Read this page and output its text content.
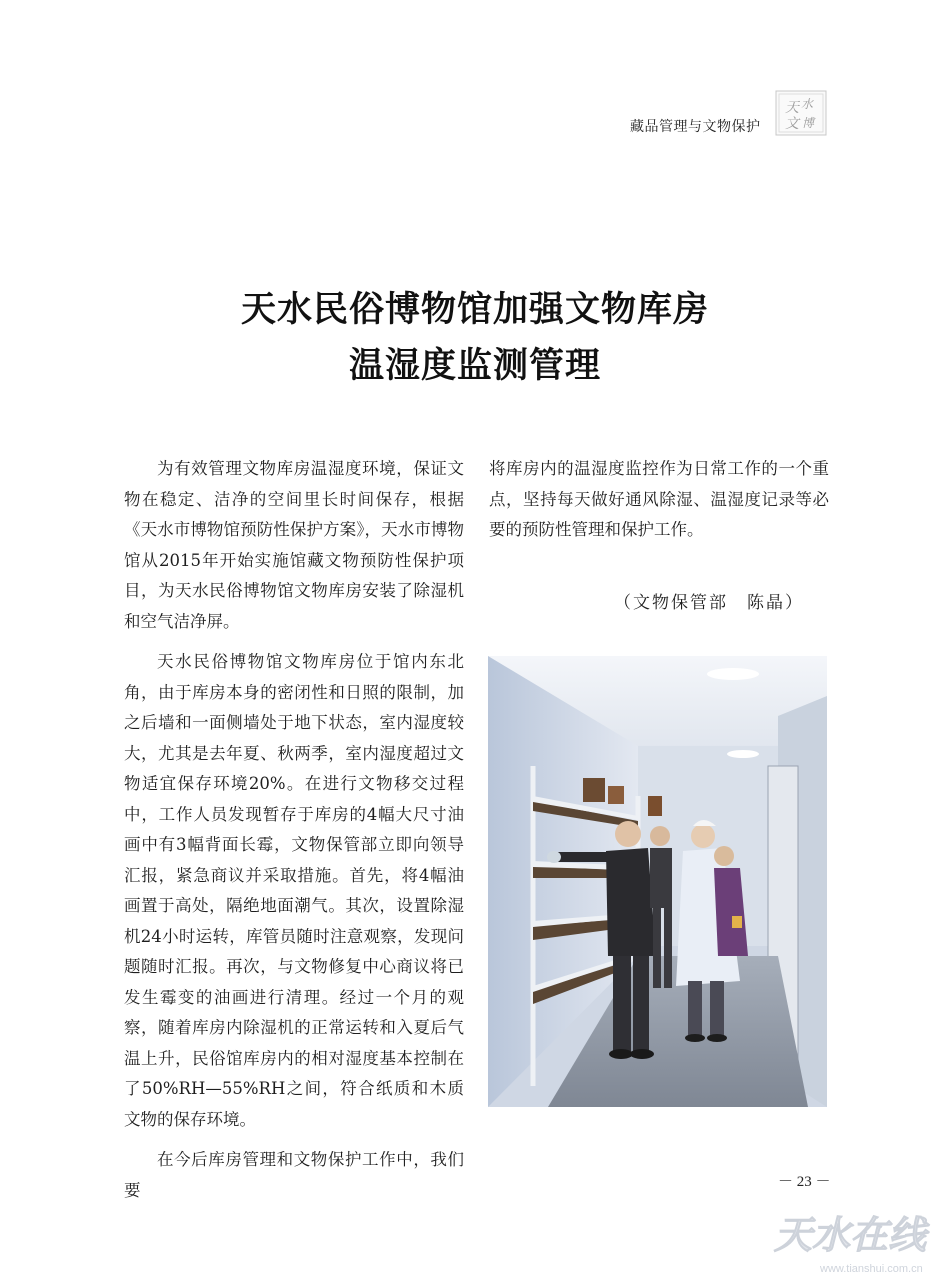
藏品管理与文物保护
天 水
文 博
天水民俗博物馆加强文物库房
温湿度监测管理

为有效管理文物库房温湿度环境，保证文物在稳定、洁净的空间里长时间保存，根据《天水市博物馆预防性保护方案》，天水市博物馆从2015年开始实施馆藏文物预防性保护项目，为天水民俗博物馆文物库房安装了除湿机和空气洁净屏。

天水民俗博物馆文物库房位于馆内东北角，由于库房本身的密闭性和日照的限制，加之后墙和一面侧墙处于地下状态，室内湿度较大，尤其是去年夏、秋两季，室内湿度超过文物适宜保存环境20%。在进行文物移交过程中，工作人员发现暂存于库房的4幅大尺寸油画中有3幅背面长霉，文物保管部立即向领导汇报，紧急商议并采取措施。首先，将4幅油画置于高处，隔绝地面潮气。其次，设置除湿机24小时运转，库管员随时注意观察，发现问题随时汇报。再次，与文物修复中心商议将已发生霉变的油画进行清理。经过一个月的观察，随着库房内除湿机的正常运转和入夏后气温上升，民俗馆库房内的相对湿度基本控制在了50%RH—55%RH之间，符合纸质和木质文物的保存环境。

在今后库房管理和文物保护工作中，我们要

将库房内的温湿度监控作为日常工作的一个重点，坚持每天做好通风除湿、温湿度记录等必要的预防性管理和保护工作。

（文物保管部　陈晶）
－ 23 －
天水在线
www.tianshui.com.cn
